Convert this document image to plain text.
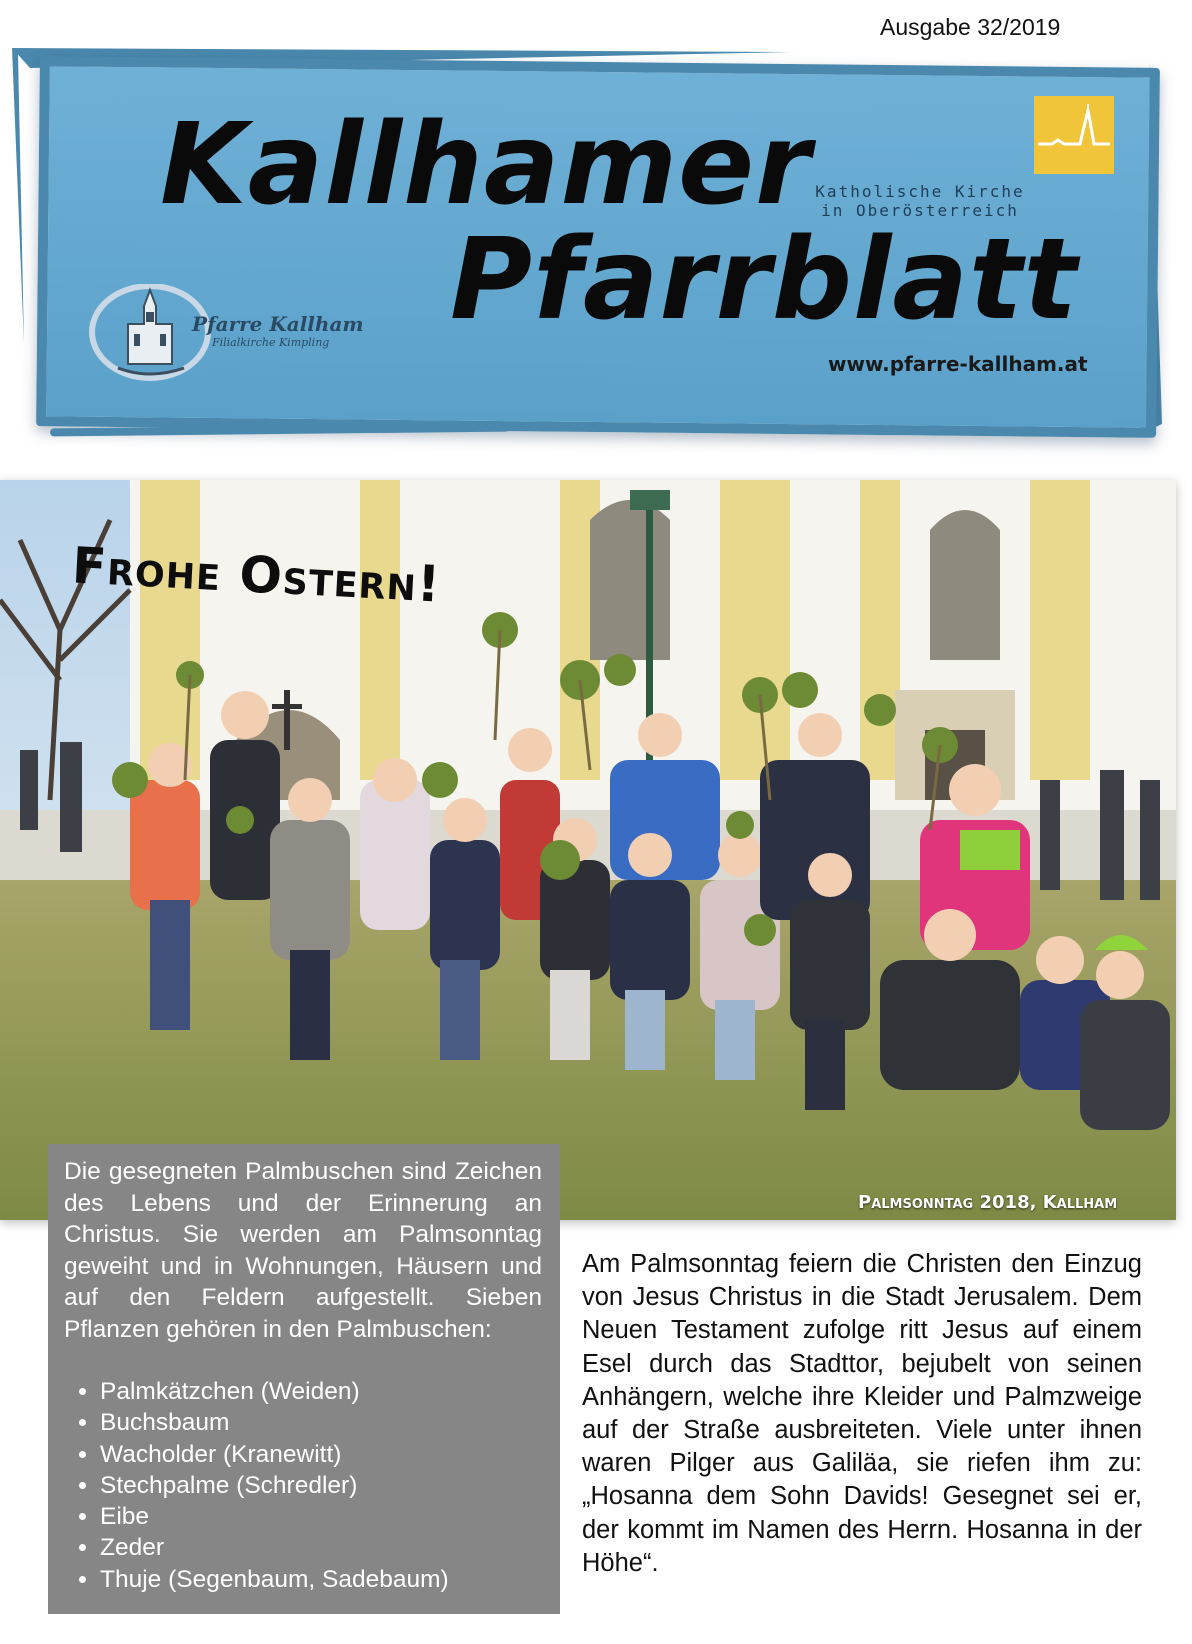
Ausgabe 32/2019
Kallhamer
Pfarrblatt
Katholische Kirche
in Oberösterreich
Pfarre Kallham
Filialkirche Kimpling
www.pfarre-kallham.at
Frohe Ostern!
Palmsonntag 2018, Kallham

Die gesegneten Palmbuschen sind Zeichen des Lebens und der Erinnerung an Christus. Sie werden am Palmsonntag geweiht und in Wohnungen, Häusern und auf den Feldern aufgestellt. Sieben Pflanzen gehören in den Palmbuschen:

• Palmkätzchen (Weiden)
• Buchsbaum
• Wacholder (Kranewitt)
• Stechpalme (Schredler)
• Eibe
• Zeder
• Thuje (Segenbaum, Sadebaum)

Am Palmsonntag feiern die Christen den Einzug von Jesus Christus in die Stadt Jerusalem. Dem Neuen Testament zufolge ritt Jesus auf einem Esel durch das Stadttor, bejubelt von seinen Anhängern, welche ihre Kleider und Palmzweige auf der Straße ausbreiteten. Viele unter ihnen waren Pilger aus Galiläa, sie riefen ihm zu: „Hosanna dem Sohn Davids! Gesegnet sei er, der kommt im Namen des Herrn. Hosanna in der Höhe“.
